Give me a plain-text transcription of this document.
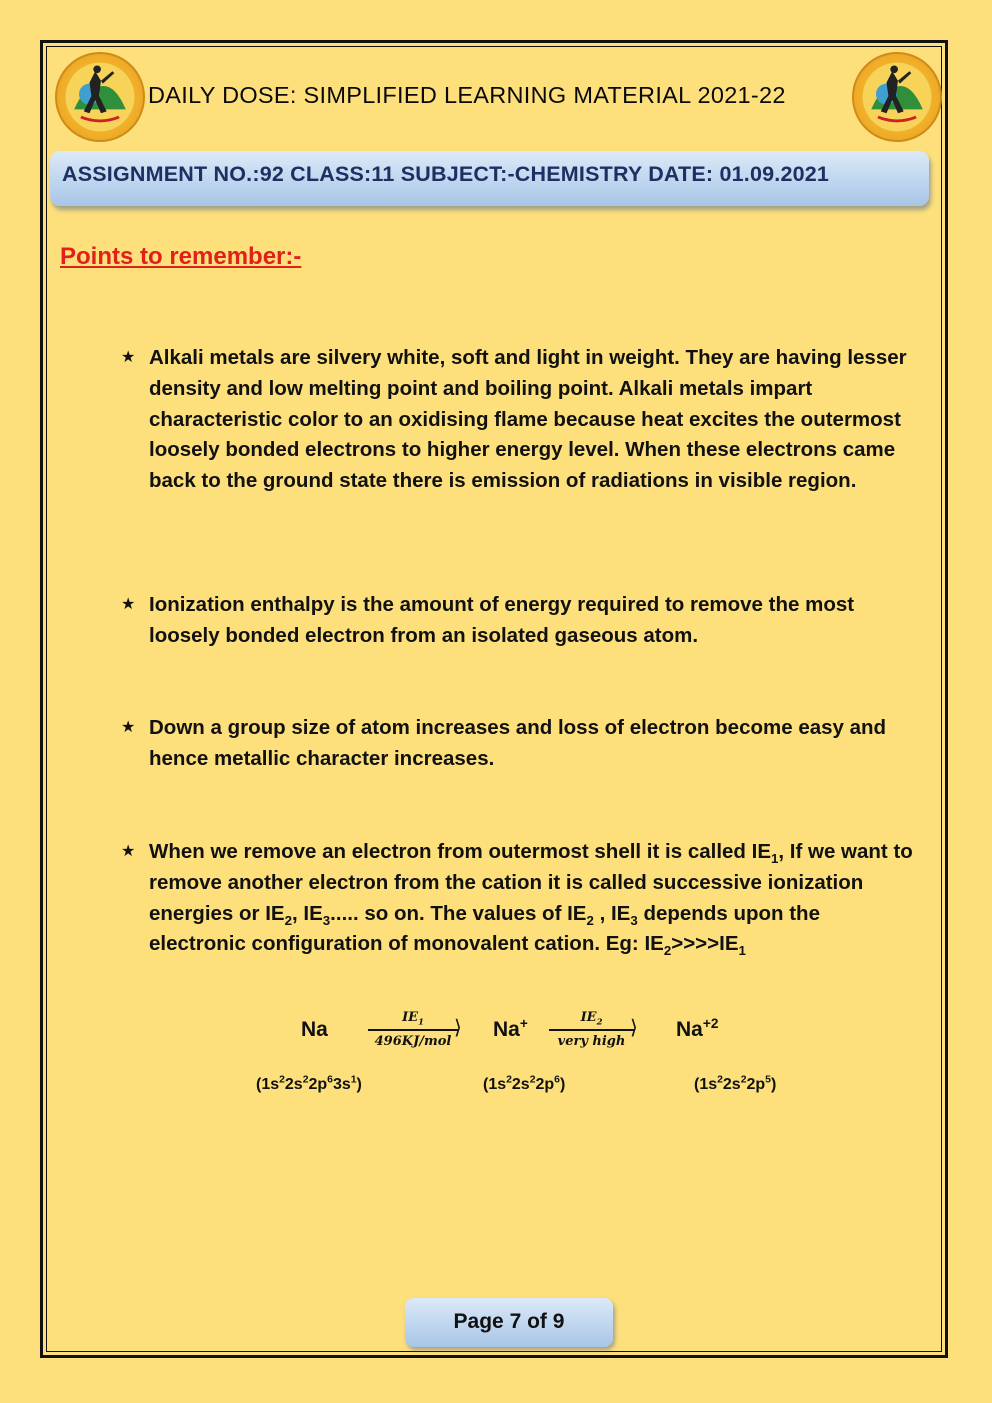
DAILY DOSE: SIMPLIFIED LEARNING MATERIAL 2021-22
ASSIGNMENT NO.:92 CLASS:11 SUBJECT:-CHEMISTRY DATE: 01.09.2021
Points to remember:-
★ Alkali metals are silvery white, soft and light in weight. They are having lesser density and low melting point and boiling point. Alkali metals impart characteristic color to an oxidising flame because heat excites the outermost loosely bonded electrons to higher energy level. When these electrons came back to the ground state there is emission of radiations in visible region.
★ Ionization enthalpy is the amount of energy required to remove the most loosely bonded electron from an isolated gaseous atom.
★ Down a group size of atom increases and loss of electron become easy and hence metallic character increases.
★ When we remove an electron from outermost shell it is called $IE_1$, If we want to remove another electron from the cation it is called successive ionization energies or $IE_2$, $IE_3$..... so on. The values of $IE_2$ , $IE_3$ depends upon the electronic configuration of monovalent cation. Eg: $IE_2>>>>IE_1$
Na
$IE_1$	⟩
496KJ/mol
Na+	$IE_2$	⟩
very high
$Na^{+2}$
$(1s^22s^22p^63s^1)$	$(1s^22s^22p^6)$	$(1s^22s^22p^5)$
Page 7 of 9
